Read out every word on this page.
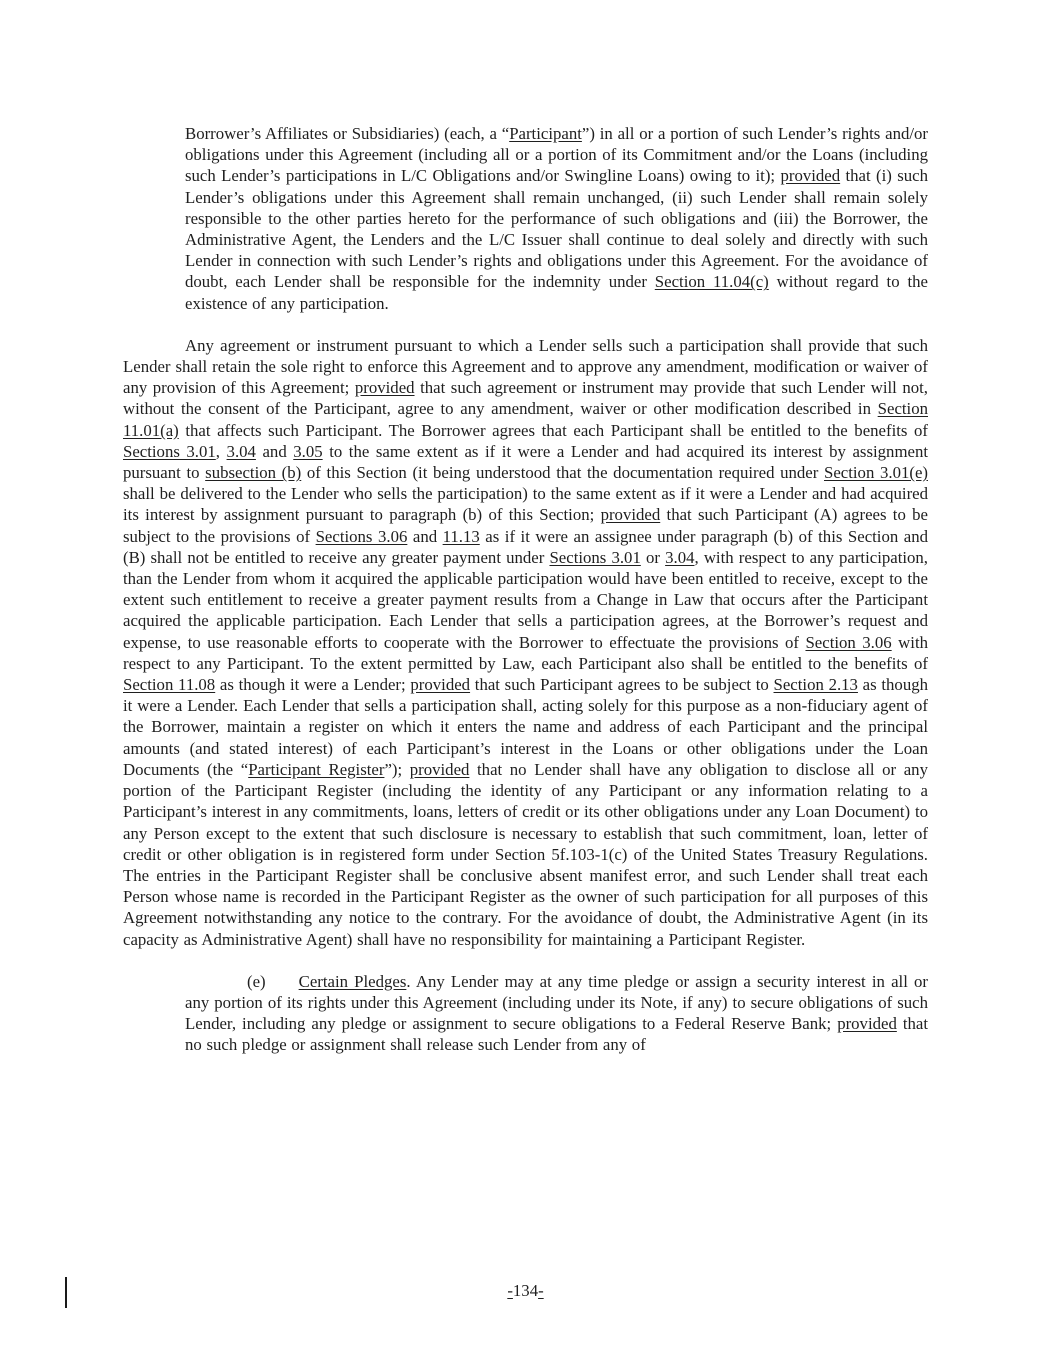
Borrower’s Affiliates or Subsidiaries) (each, a “Participant”) in all or a portion of such Lender’s rights and/or obligations under this Agreement (including all or a portion of its Commitment and/or the Loans (including such Lender’s participations in L/C Obligations and/or Swingline Loans) owing to it); provided that (i) such Lender’s obligations under this Agreement shall remain unchanged, (ii) such Lender shall remain solely responsible to the other parties hereto for the performance of such obligations and (iii) the Borrower, the Administrative Agent, the Lenders and the L/C Issuer shall continue to deal solely and directly with such Lender in connection with such Lender’s rights and obligations under this Agreement. For the avoidance of doubt, each Lender shall be responsible for the indemnity under Section 11.04(c) without regard to the existence of any participation.
Any agreement or instrument pursuant to which a Lender sells such a participation shall provide that such Lender shall retain the sole right to enforce this Agreement and to approve any amendment, modification or waiver of any provision of this Agreement; provided that such agreement or instrument may provide that such Lender will not, without the consent of the Participant, agree to any amendment, waiver or other modification described in Section 11.01(a) that affects such Participant. The Borrower agrees that each Participant shall be entitled to the benefits of Sections 3.01, 3.04 and 3.05 to the same extent as if it were a Lender and had acquired its interest by assignment pursuant to subsection (b) of this Section (it being understood that the documentation required under Section 3.01(e) shall be delivered to the Lender who sells the participation) to the same extent as if it were a Lender and had acquired its interest by assignment pursuant to paragraph (b) of this Section; provided that such Participant (A) agrees to be subject to the provisions of Sections 3.06 and 11.13 as if it were an assignee under paragraph (b) of this Section and (B) shall not be entitled to receive any greater payment under Sections 3.01 or 3.04, with respect to any participation, than the Lender from whom it acquired the applicable participation would have been entitled to receive, except to the extent such entitlement to receive a greater payment results from a Change in Law that occurs after the Participant acquired the applicable participation. Each Lender that sells a participation agrees, at the Borrower’s request and expense, to use reasonable efforts to cooperate with the Borrower to effectuate the provisions of Section 3.06 with respect to any Participant. To the extent permitted by Law, each Participant also shall be entitled to the benefits of Section 11.08 as though it were a Lender; provided that such Participant agrees to be subject to Section 2.13 as though it were a Lender. Each Lender that sells a participation shall, acting solely for this purpose as a non-fiduciary agent of the Borrower, maintain a register on which it enters the name and address of each Participant and the principal amounts (and stated interest) of each Participant’s interest in the Loans or other obligations under the Loan Documents (the “Participant Register”); provided that no Lender shall have any obligation to disclose all or any portion of the Participant Register (including the identity of any Participant or any information relating to a Participant’s interest in any commitments, loans, letters of credit or its other obligations under any Loan Document) to any Person except to the extent that such disclosure is necessary to establish that such commitment, loan, letter of credit or other obligation is in registered form under Section 5f.103-1(c) of the United States Treasury Regulations. The entries in the Participant Register shall be conclusive absent manifest error, and such Lender shall treat each Person whose name is recorded in the Participant Register as the owner of such participation for all purposes of this Agreement notwithstanding any notice to the contrary. For the avoidance of doubt, the Administrative Agent (in its capacity as Administrative Agent) shall have no responsibility for maintaining a Participant Register.
(e) Certain Pledges. Any Lender may at any time pledge or assign a security interest in all or any portion of its rights under this Agreement (including under its Note, if any) to secure obligations of such Lender, including any pledge or assignment to secure obligations to a Federal Reserve Bank; provided that no such pledge or assignment shall release such Lender from any of
-134-
